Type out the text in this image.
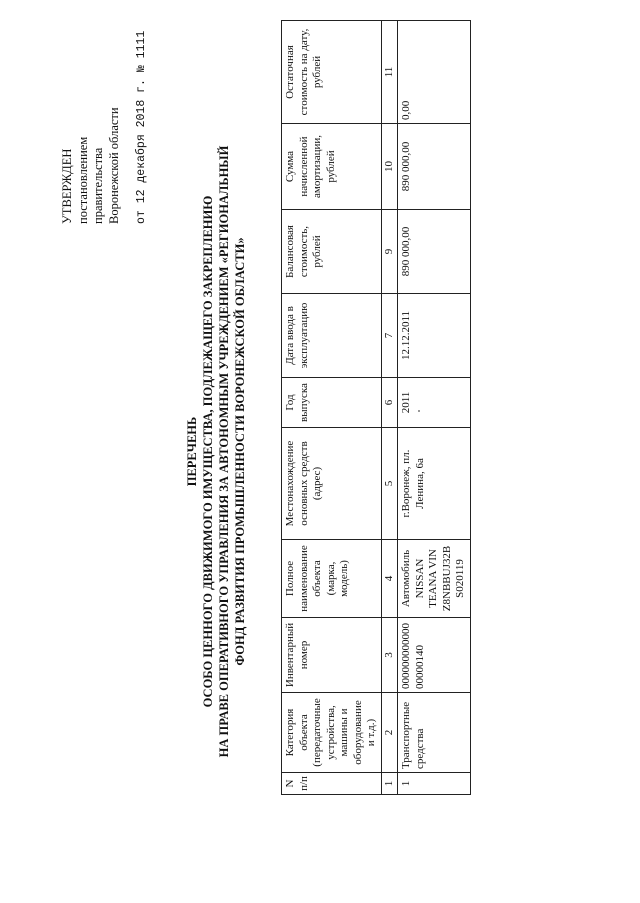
УТВЕРЖДЕН постановлением правительства Воронежской области от 12 декабря 2018 г. № 1111
ПЕРЕЧЕНЬ ОСОБО ЦЕННОГО ДВИЖИМОГО ИМУЩЕСТВА, ПОДЛЕЖАЩЕГО ЗАКРЕПЛЕНИЮ НА ПРАВЕ ОПЕРАТИВНОГО УПРАВЛЕНИЯ ЗА АВТОНОМНЫМ УЧРЕЖДЕНИЕМ «РЕГИОНАЛЬНЫЙ ФОНД РАЗВИТИЯ ПРОМЫШЛЕННОСТИ ВОРОНЕЖСКОЙ ОБЛАСТИ»
N п/п	Категория объекта (передаточные устройства, машины и оборудование и т.д.)	Инвентарный номер	Полное наименование объекта (марка, модель)	Местонахождение основных средств (адрес)	Год выпуска	Дата ввода в эксплуатацию	Балансовая стоимость, рублей	Сумма начисленной амортизации, рублей	Остаточная стоимость на дату, рублей
1	2	3	4	5	6	7	9	10	11
1	Транспортные средства	00000000000000000140	Автомобиль NISSAN TEANA VIN Z8NBBUJ32BS020119	г.Воронеж, пл. Ленина, 6а	2011	12.12.2011	890 000,00	890 000,00	0,00
